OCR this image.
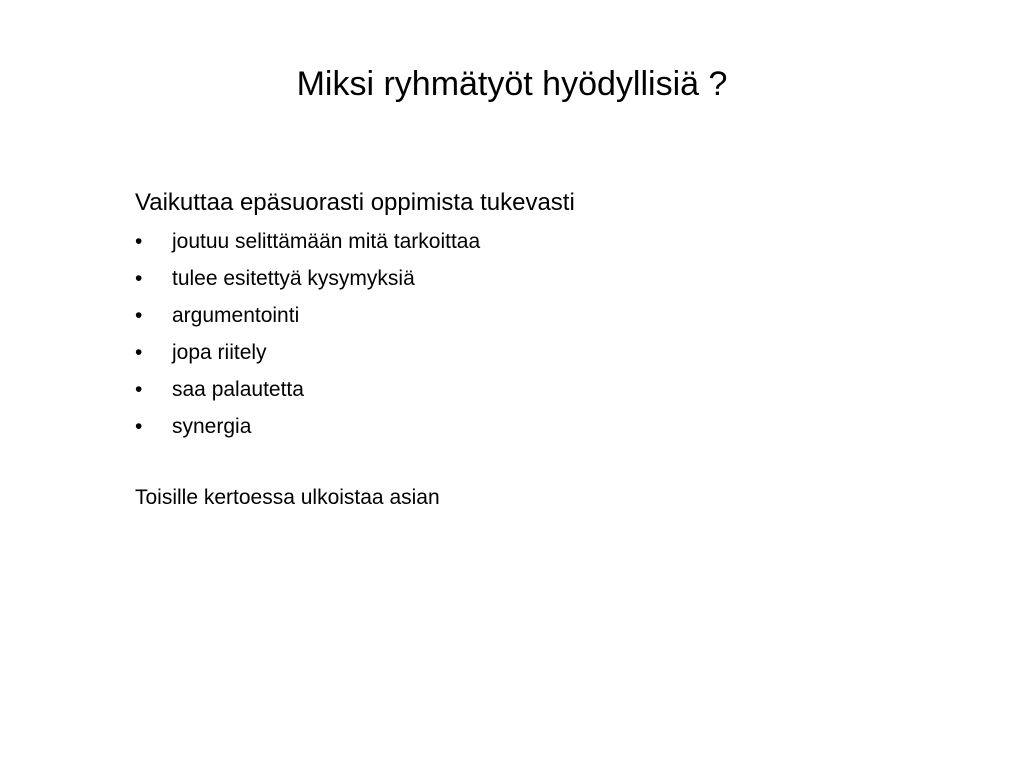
Miksi ryhmätyöt hyödyllisiä ?

Vaikuttaa epäsuorasti oppimista tukevasti

•	joutuu selittämään mitä tarkoittaa
•	tulee esitettyä kysymyksiä
•	argumentointi
•	jopa riitely
•	saa palautetta
•	synergia

Toisille kertoessa ulkoistaa asian
